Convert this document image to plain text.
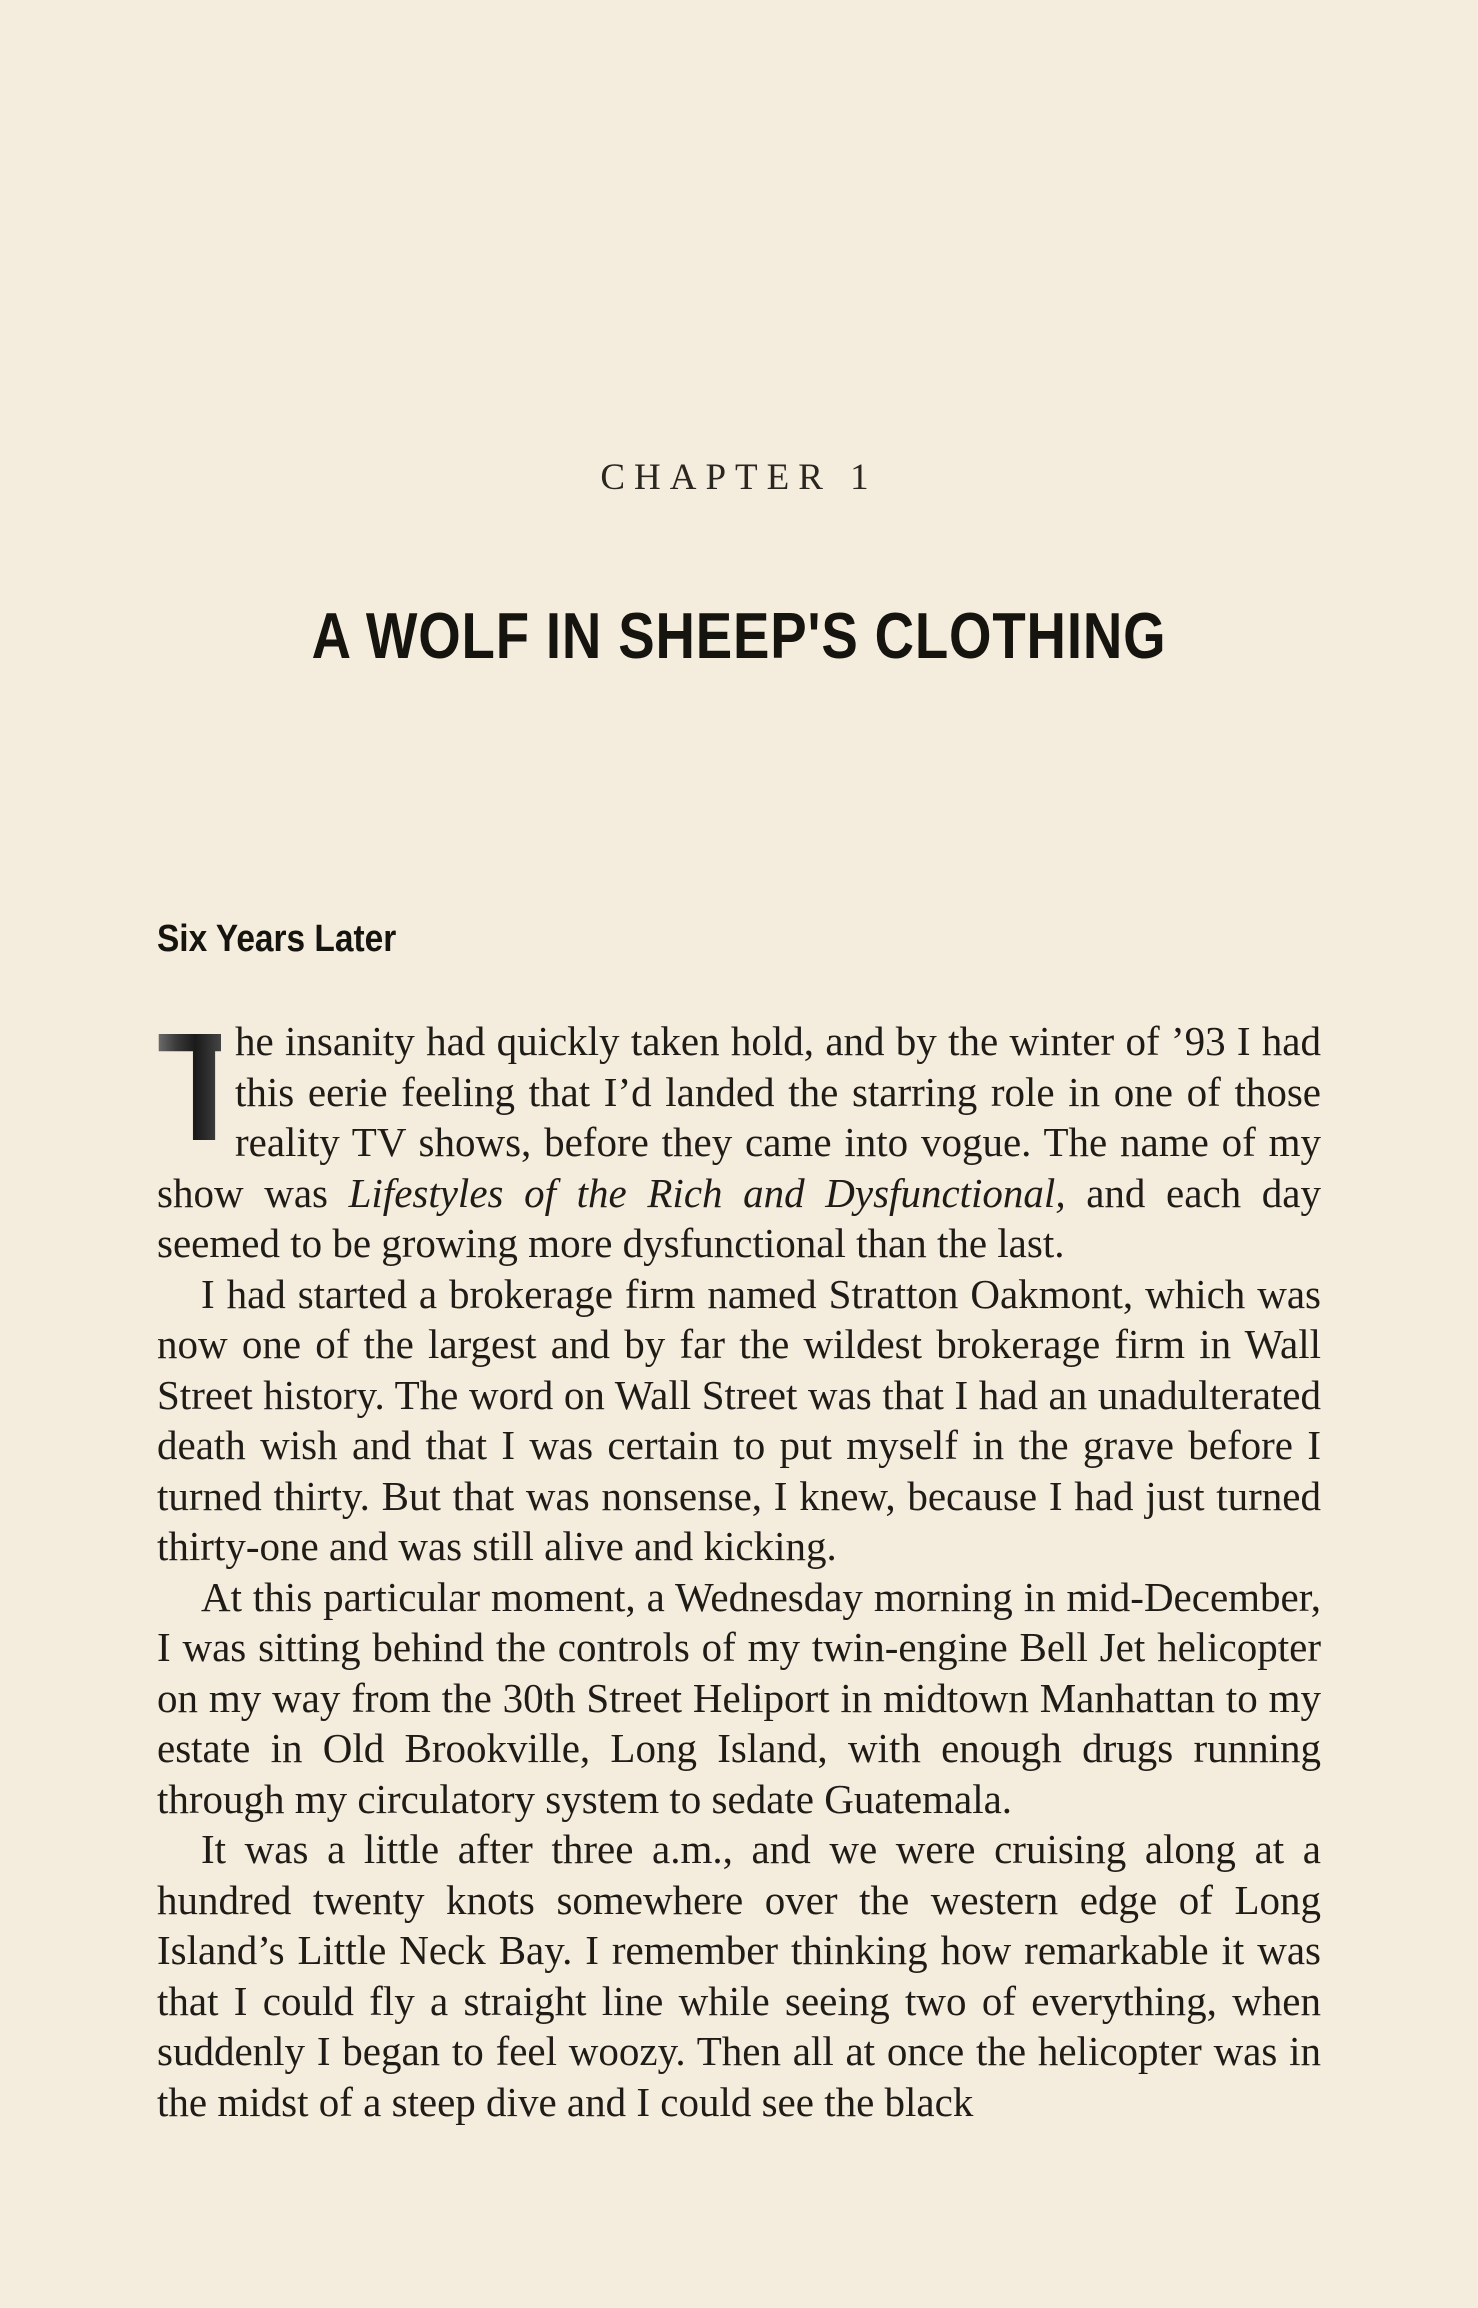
CHAPTER 1
A WOLF IN SHEEP'S CLOTHING
Six Years Later

T
he insanity had quickly taken hold, and by the winter of ’93 I had this eerie feeling that I’d landed the starring role in one of those reality TV shows, before they came into vogue. The name of my show was Lifestyles of the Rich and Dysfunctional, and each day seemed to be growing more dysfunctional than the last.

I had started a brokerage firm named Stratton Oakmont, which was now one of the largest and by far the wildest brokerage firm in Wall Street history. The word on Wall Street was that I had an unadulterated death wish and that I was certain to put myself in the grave before I turned thirty. But that was nonsense, I knew, because I had just turned thirty-one and was still alive and kicking.

At this particular moment, a Wednesday morning in mid-December, I was sitting behind the controls of my twin-engine Bell Jet helicopter on my way from the 30th Street Heliport in midtown Manhattan to my estate in Old Brookville, Long Island, with enough drugs running through my circulatory system to sedate Guatemala.

It was a little after three a.m., and we were cruising along at a hundred twenty knots somewhere over the western edge of Long Island’s Little Neck Bay. I remember thinking how remarkable it was that I could fly a straight line while seeing two of everything, when suddenly I began to feel woozy. Then all at once the helicopter was in the midst of a steep dive and I could see the black
